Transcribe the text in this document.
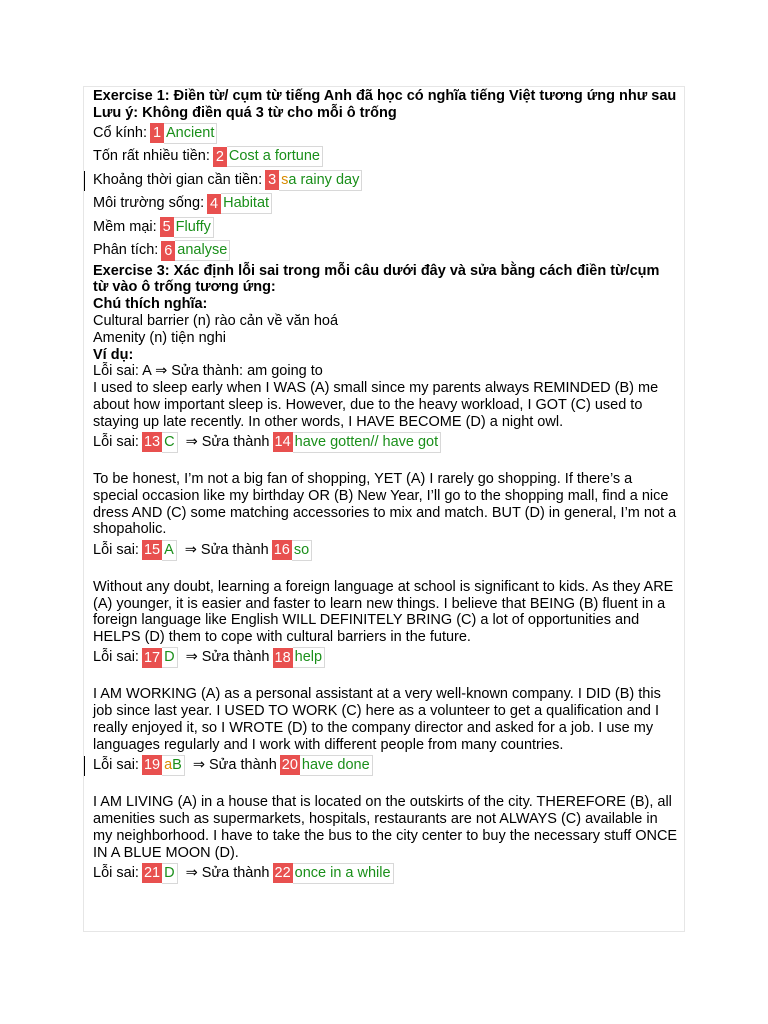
Exercise 1: Điền từ/ cụm từ tiếng Anh đã học có nghĩa tiếng Việt tương ứng như sau
Lưu ý: Không điền quá 3 từ cho mỗi ô trống
Cổ kính: 1 Ancient
Tốn rất nhiều tiền: 2 Cost a fortune
Khoảng thời gian cần tiền: 3 sa rainy day
Môi trường sống: 4 Habitat
Mềm mại: 5 Fluffy
Phân tích: 6 analyse
Exercise 3: Xác định lỗi sai trong mỗi câu dưới đây và sửa bằng cách điền từ/cụm từ vào ô trống tương ứng:
Chú thích nghĩa:
Cultural barrier (n) rào cản về văn hoá
Amenity (n) tiện nghi
Ví dụ:
Lỗi sai: A ⇒ Sửa thành: am going to
I used to sleep early when I WAS (A) small since my parents always REMINDED (B) me about how important sleep is. However, due to the heavy workload, I GOT (C) used to staying up late recently. In other words, I HAVE BECOME (D) a night owl.
Lỗi sai: 13 C ⇒ Sửa thành 14 have gotten// have got
To be honest, I’m not a big fan of shopping, YET (A) I rarely go shopping. If there’s a special occasion like my birthday OR (B) New Year, I’ll go to the shopping mall, find a nice dress AND (C) some matching accessories to mix and match. BUT (D) in general, I’m not a shopaholic.
Lỗi sai: 15 A ⇒ Sửa thành 16 so
Without any doubt, learning a foreign language at school is significant to kids. As they ARE (A) younger, it is easier and faster to learn new things. I believe that BEING (B) fluent in a foreign language like English WILL DEFINITELY BRING (C) a lot of opportunities and HELPS (D) them to cope with cultural barriers in the future.
Lỗi sai: 17 D ⇒ Sửa thành 18 help
I AM WORKING (A) as a personal assistant at a very well-known company. I DID (B) this job since last year. I USED TO WORK (C) here as a volunteer to get a qualification and I really enjoyed it, so I WROTE (D) to the company director and asked for a job. I use my languages regularly and I work with different people from many countries.
Lỗi sai: 19 aB ⇒ Sửa thành 20 have done
I AM LIVING (A) in a house that is located on the outskirts of the city. THEREFORE (B), all amenities such as supermarkets, hospitals, restaurants are not ALWAYS (C) available in my neighborhood. I have to take the bus to the city center to buy the necessary stuff ONCE IN A BLUE MOON (D).
Lỗi sai: 21 D ⇒ Sửa thành 22 once in a while
